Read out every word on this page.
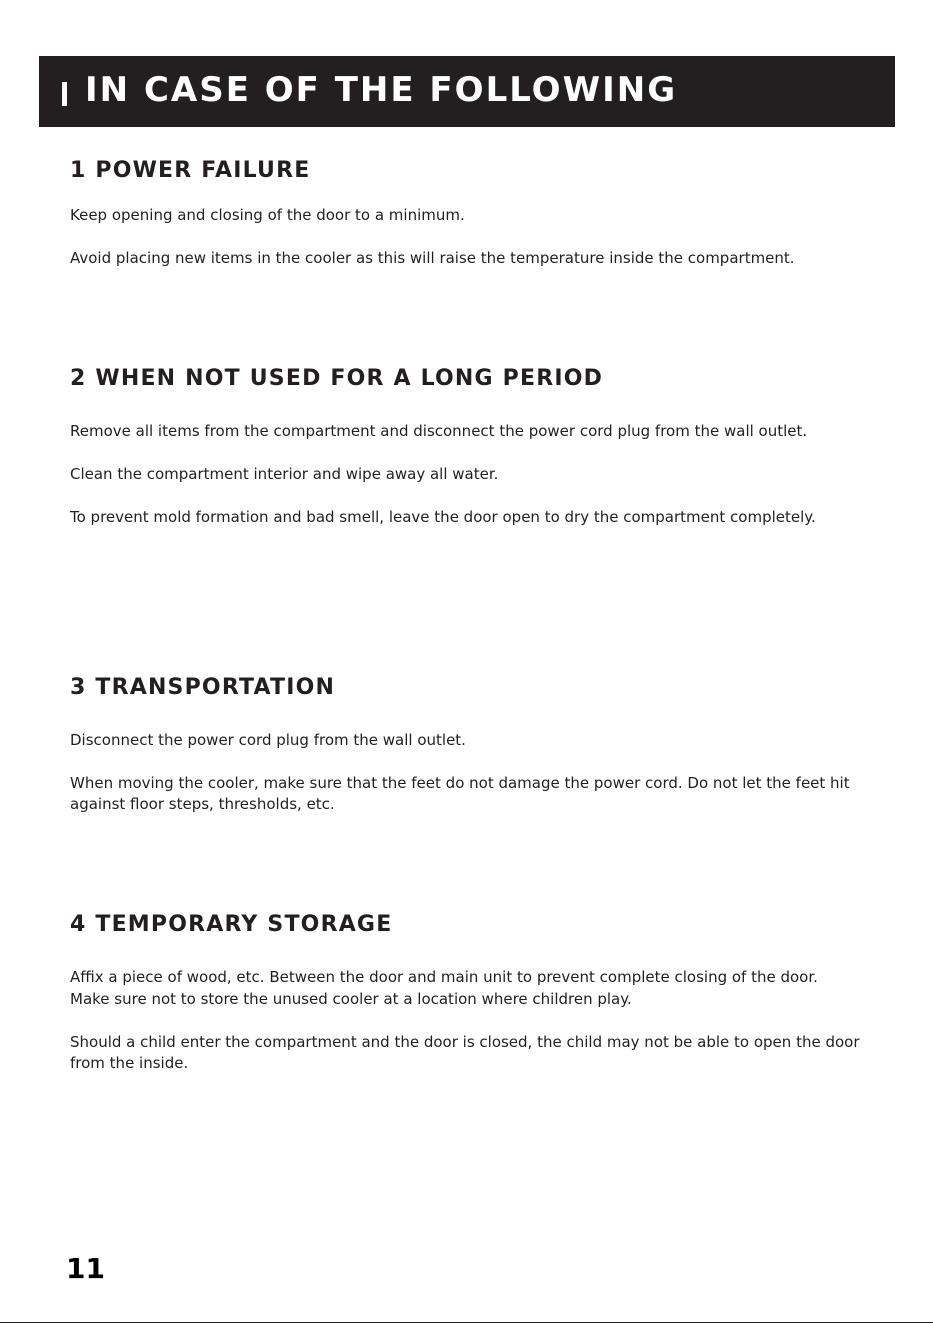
IN CASE OF THE FOLLOWING
1 POWER FAILURE

Keep opening and closing of the door to a minimum.

Avoid placing new items in the cooler as this will raise the temperature inside the compartment.

2 WHEN NOT USED FOR A LONG PERIOD

Remove all items from the compartment and disconnect the power cord plug from the wall outlet.

Clean the compartment interior and wipe away all water.

To prevent mold formation and bad smell, leave the door open to dry the compartment completely.

3 TRANSPORTATION

Disconnect the power cord plug from the wall outlet.

When moving the cooler, make sure that the feet do not damage the power cord. Do not let the feet hit against floor steps, thresholds, etc.

4 TEMPORARY STORAGE

Affix a piece of wood, etc. Between the door and main unit to prevent complete closing of the door.

Make sure not to store the unused cooler at a location where children play.

Should a child enter the compartment and the door is closed, the child may not be able to open the door from the inside.

11
